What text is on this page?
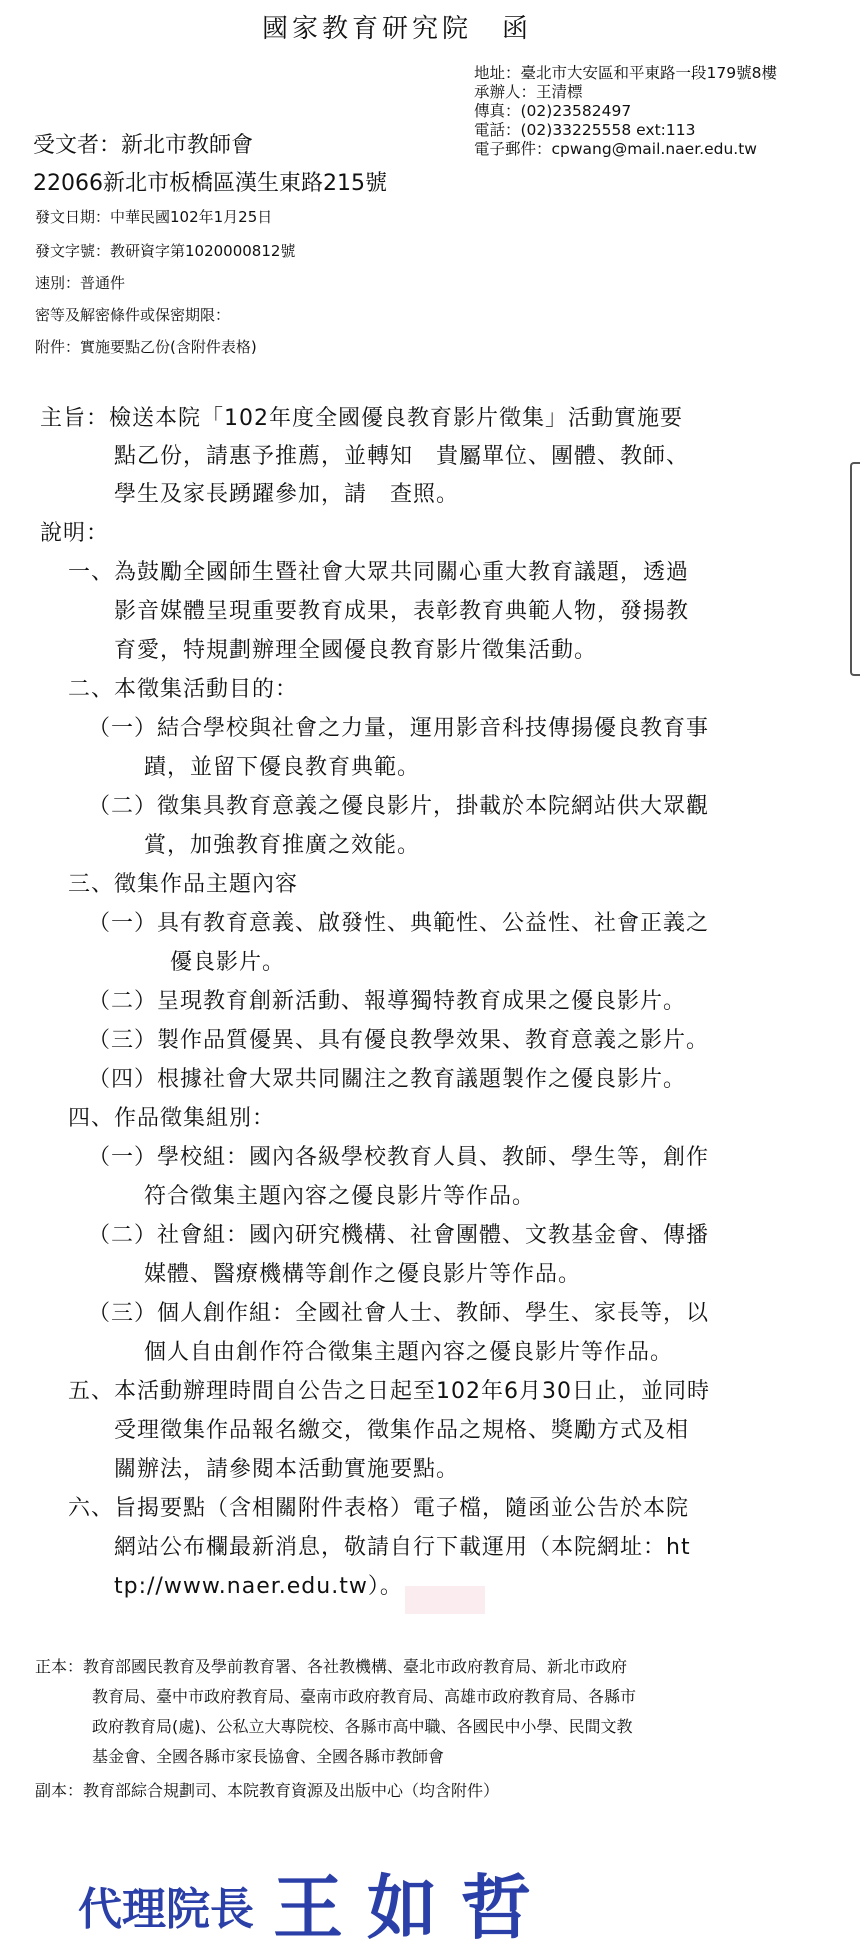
國家教育研究院　函
地址：臺北市大安區和平東路一段179號8樓
承辦人：王清標
傳真：(02)23582497
電話：(02)33225558 ext:113
電子郵件：cpwang@mail.naer.edu.tw
受文者：新北市教師會
22066新北市板橋區漢生東路215號
發文日期：中華民國102年1月25日
發文字號：教研資字第1020000812號
速別：普通件
密等及解密條件或保密期限：
附件：實施要點乙份(含附件表格)
主旨：檢送本院「102年度全國優良教育影片徵集」活動實施要
點乙份，請惠予推薦，並轉知　貴屬單位、團體、教師、
學生及家長踴躍參加，請　查照。
說明：
一、為鼓勵全國師生暨社會大眾共同關心重大教育議題，透過
影音媒體呈現重要教育成果，表彰教育典範人物，發揚教
育愛，特規劃辦理全國優良教育影片徵集活動。
二、本徵集活動目的：
（一）結合學校與社會之力量，運用影音科技傳揚優良教育事
蹟，並留下優良教育典範。
（二）徵集具教育意義之優良影片，掛載於本院網站供大眾觀
賞，加強教育推廣之效能。
三、徵集作品主題內容
（一）具有教育意義、啟發性、典範性、公益性、社會正義之
優良影片。
（二）呈現教育創新活動、報導獨特教育成果之優良影片。
（三）製作品質優異、具有優良教學效果、教育意義之影片。
（四）根據社會大眾共同關注之教育議題製作之優良影片。
四、作品徵集組別：
（一）學校組：國內各級學校教育人員、教師、學生等，創作
符合徵集主題內容之優良影片等作品。
（二）社會組：國內研究機構、社會團體、文教基金會、傳播
媒體、醫療機構等創作之優良影片等作品。
（三）個人創作組：全國社會人士、教師、學生、家長等，以
個人自由創作符合徵集主題內容之優良影片等作品。
五、本活動辦理時間自公告之日起至102年6月30日止，並同時
受理徵集作品報名繳交，徵集作品之規格、獎勵方式及相
關辦法，請參閱本活動實施要點。
六、旨揭要點（含相關附件表格）電子檔，隨函並公告於本院
網站公布欄最新消息，敬請自行下載運用（本院網址：ht
tp://www.naer.edu.tw）。
正本：教育部國民教育及學前教育署、各社教機構、臺北市政府教育局、新北市政府
教育局、臺中市政府教育局、臺南市政府教育局、高雄市政府教育局、各縣市
政府教育局(處)、公私立大專院校、各縣市高中職、各國民中小學、民間文教
基金會、全國各縣市家長協會、全國各縣市教師會
副本：教育部綜合規劃司、本院教育資源及出版中心（均含附件）
代理院長 王如哲
